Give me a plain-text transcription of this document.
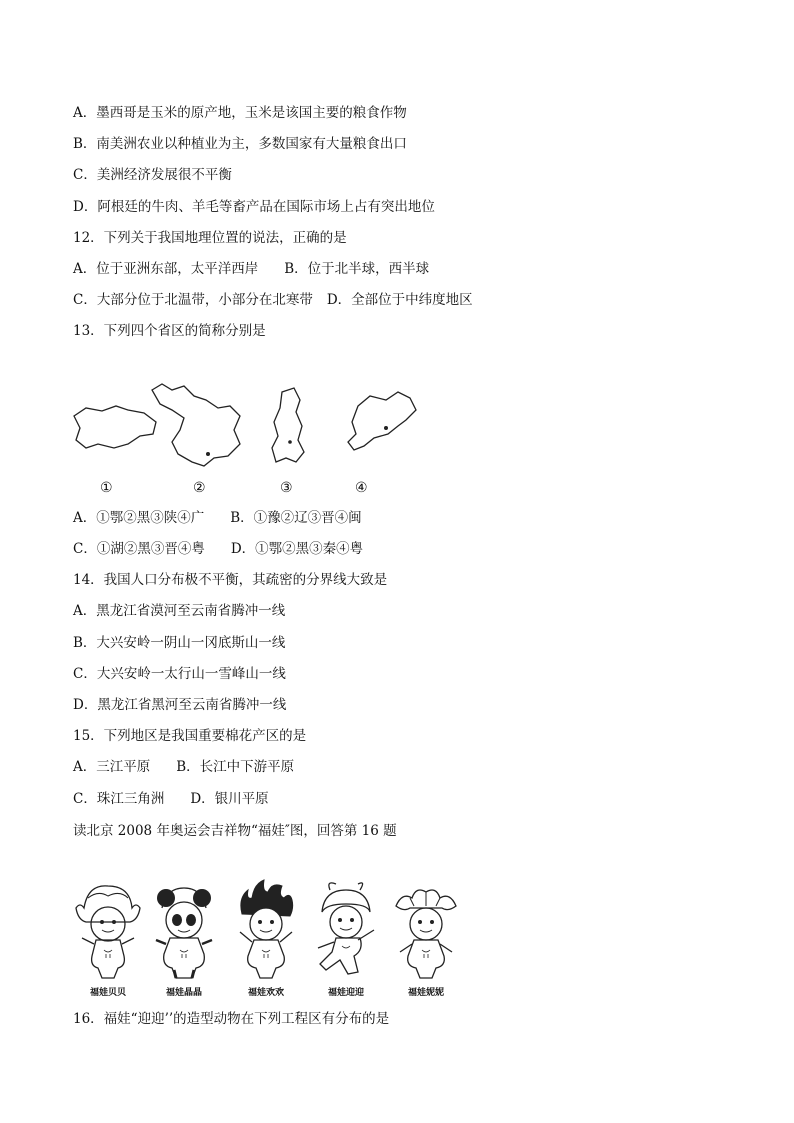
A．墨西哥是玉米的原产地，玉米是该国主要的粮食作物
B．南美洲农业以种植业为主，多数国家有大量粮食出口
C．美洲经济发展很不平衡
D．阿根廷的牛肉、羊毛等畜产品在国际市场上占有突出地位
12．下列关于我国地理位置的说法，正确的是
A．位于亚洲东部，太平洋西岸 B．位于北半球，西半球
C．大部分位于北温带，小部分在北寒带 D．全部位于中纬度地区
13．下列四个省区的简称分别是
①	②	③	④
A．①鄂②黑③陕④广 B．①豫②辽③晋④闽
C．①湖②黑③晋④粤 D．①鄂②黑③秦④粤
14．我国人口分布极不平衡，其疏密的分界线大致是
A．黑龙江省漠河至云南省腾冲一线
B．大兴安岭一阴山一冈底斯山一线
C．大兴安岭一太行山一雪峰山一线
D．黑龙江省黑河至云南省腾冲一线
15．下列地区是我国重要棉花产区的是
A．三江平原 B．长江中下游平原
C．珠江三角洲 D．银川平原
读北京 2008 年奥运会吉祥物“福娃″图，回答第 16 题
福娃贝贝	福娃晶晶	福娃欢欢	福娃迎迎	福娃妮妮
16．福娃“迎迎’’的造型动物在下列工程区有分布的是
